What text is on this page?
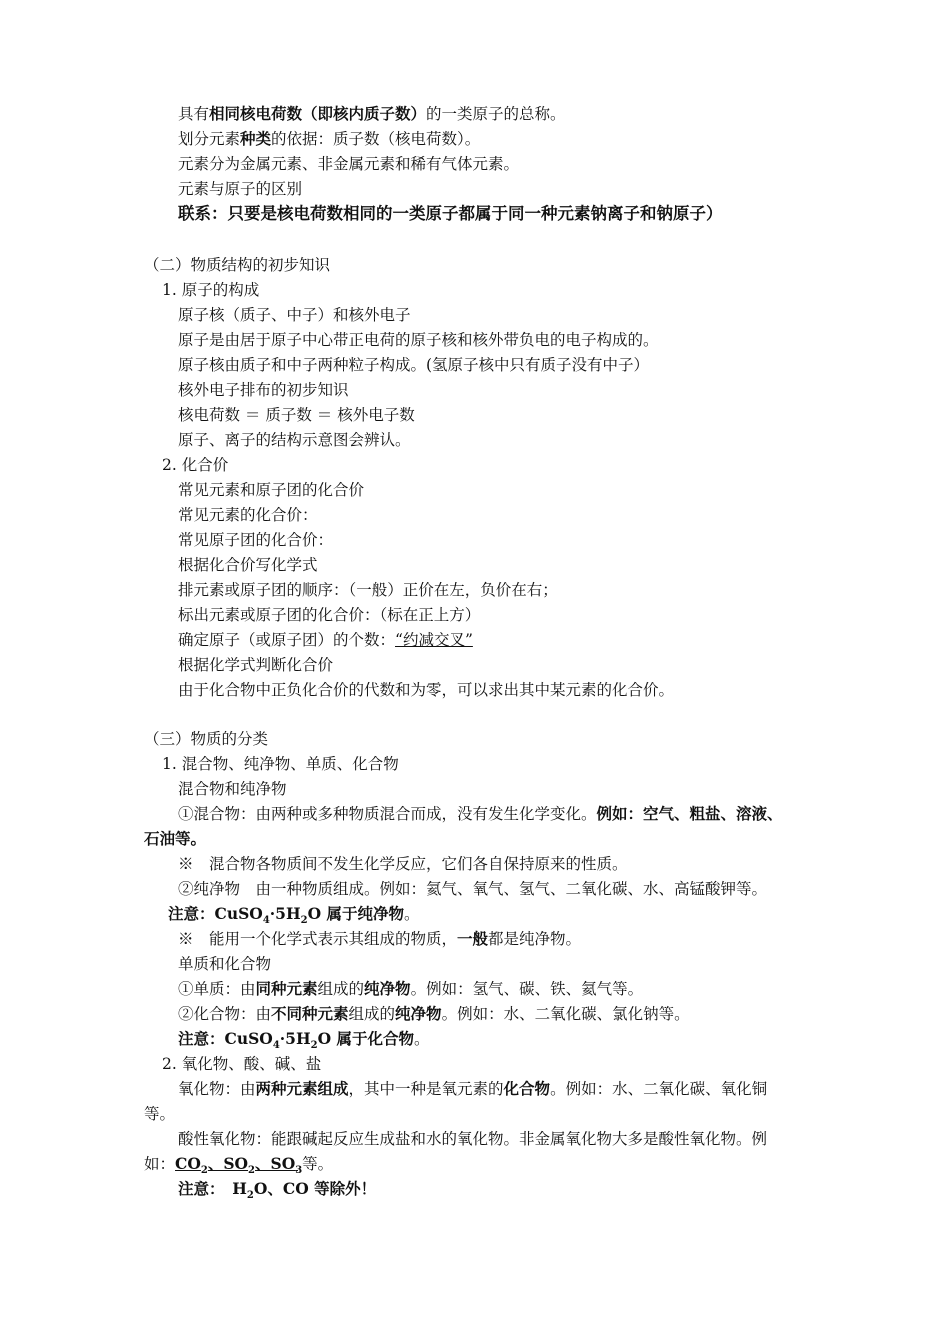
具有相同核电荷数（即核内质子数）的一类原子的总称。
划分元素种类的依据：质子数（核电荷数）。
元素分为金属元素、非金属元素和稀有气体元素。
元素与原子的区别
联系：只要是核电荷数相同的一类原子都属于同一种元素钠离子和钠原子）
（二）物质结构的初步知识
1. 原子的构成
原子核（质子、中子）和核外电子
原子是由居于原子中心带正电荷的原子核和核外带负电的电子构成的。
原子核由质子和中子两种粒子构成。(氢原子核中只有质子没有中子）
核外电子排布的初步知识
核电荷数 ＝ 质子数 ＝ 核外电子数
原子、离子的结构示意图会辨认。
2. 化合价
常见元素和原子团的化合价
常见元素的化合价：
常见原子团的化合价：
根据化合价写化学式
排元素或原子团的顺序：（一般）正价在左，负价在右；
标出元素或原子团的化合价：（标在正上方）
确定原子（或原子团）的个数：“约减交叉”
根据化学式判断化合价
由于化合物中正负化合价的代数和为零，可以求出其中某元素的化合价。
（三）物质的分类
1. 混合物、纯净物、单质、化合物
混合物和纯净物
①混合物：由两种或多种物质混合而成，没有发生化学变化。例如：空气、粗盐、溶液、
石油等。
※　混合物各物质间不发生化学反应，它们各自保持原来的性质。
②纯净物　由一种物质组成。例如：氦气、氧气、氢气、二氧化碳、水、高锰酸钾等。
注意：$CuSO_4\cdot 5H_2O$ 属于纯净物。
※　能用一个化学式表示其组成的物质，一般都是纯净物。
单质和化合物
①单质：由同种元素组成的纯净物。例如：氢气、碳、铁、氦气等。
②化合物：由不同种元素组成的纯净物。例如：水、二氧化碳、氯化钠等。
注意：$CuSO_4\cdot 5H_2O$ 属于化合物。
2. 氧化物、酸、碱、盐
氧化物：由两种元素组成，其中一种是氧元素的化合物。例如：水、二氧化碳、氧化铜
等。
酸性氧化物：能跟碱起反应生成盐和水的氧化物。非金属氧化物大多是酸性氧化物。例
如：$CO_2$、$SO_2$、$SO_3$等。
注意：　$H_2O$、CO 等除外！
